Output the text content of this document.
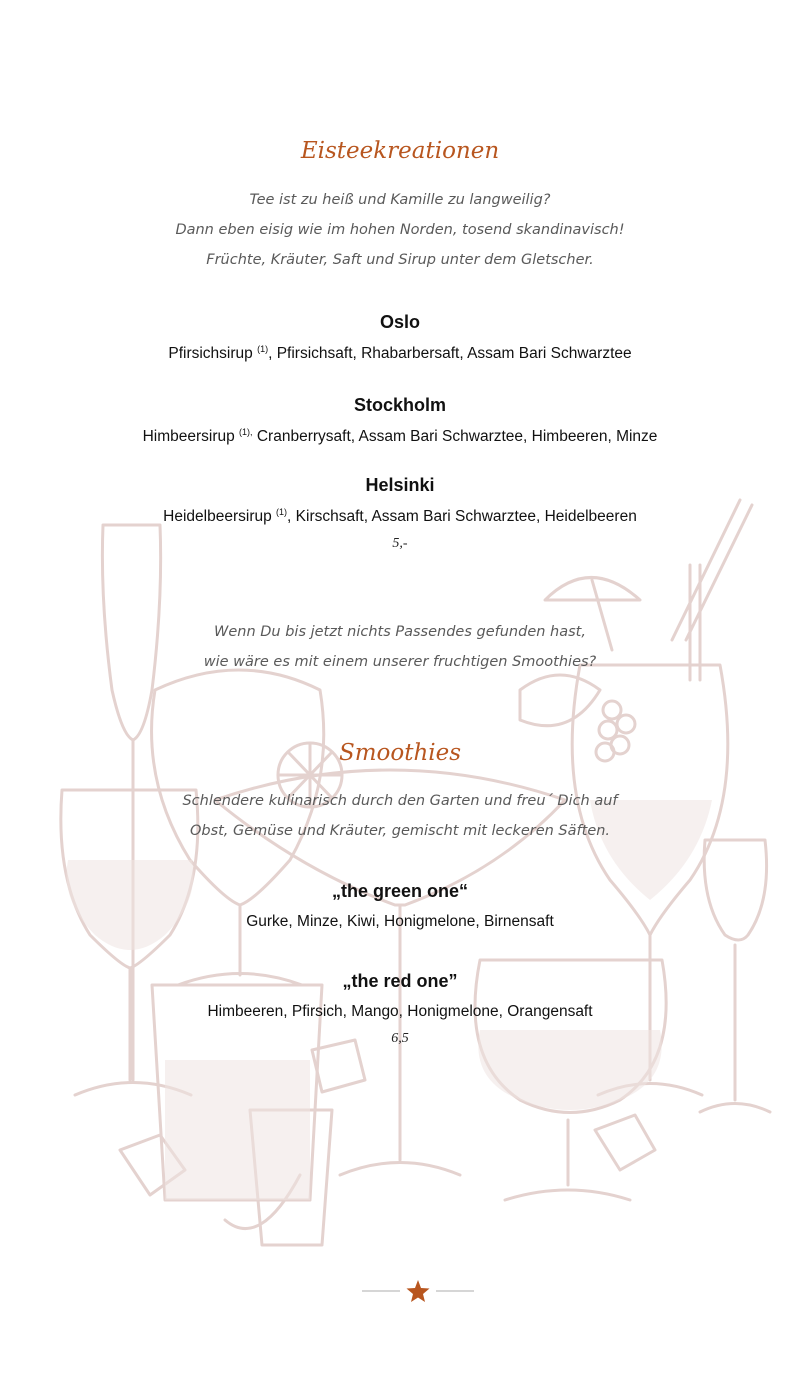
Eisteekreationen

Tee ist zu heiß und Kamille zu langweilig?

Dann eben eisig wie im hohen Norden, tosend skandinavisch!

Früchte, Kräuter, Saft und Sirup unter dem Gletscher.

Oslo

Pfirsichsirup $^{(1)}$, Pfirsichsaft, Rhabarbersaft, Assam Bari Schwarztee

Stockholm

Himbeersirup $^{(1),}$ Cranberrysaft, Assam Bari Schwarztee, Himbeeren, Minze

Helsinki

Heidelbeersirup $^{(1)}$, Kirschsaft, Assam Bari Schwarztee, Heidelbeeren

5,-

Wenn Du bis jetzt nichts Passendes gefunden hast,

wie wäre es mit einem unserer fruchtigen Smoothies?

Smoothies

Schlendere kulinarisch durch den Garten und freu´ Dich auf

Obst, Gemüse und Kräuter, gemischt mit leckeren Säften.

„the green one“

Gurke, Minze, Kiwi, Honigmelone, Birnensaft

„the red one”

Himbeeren, Pfirsich, Mango, Honigmelone, Orangensaft

6,5
